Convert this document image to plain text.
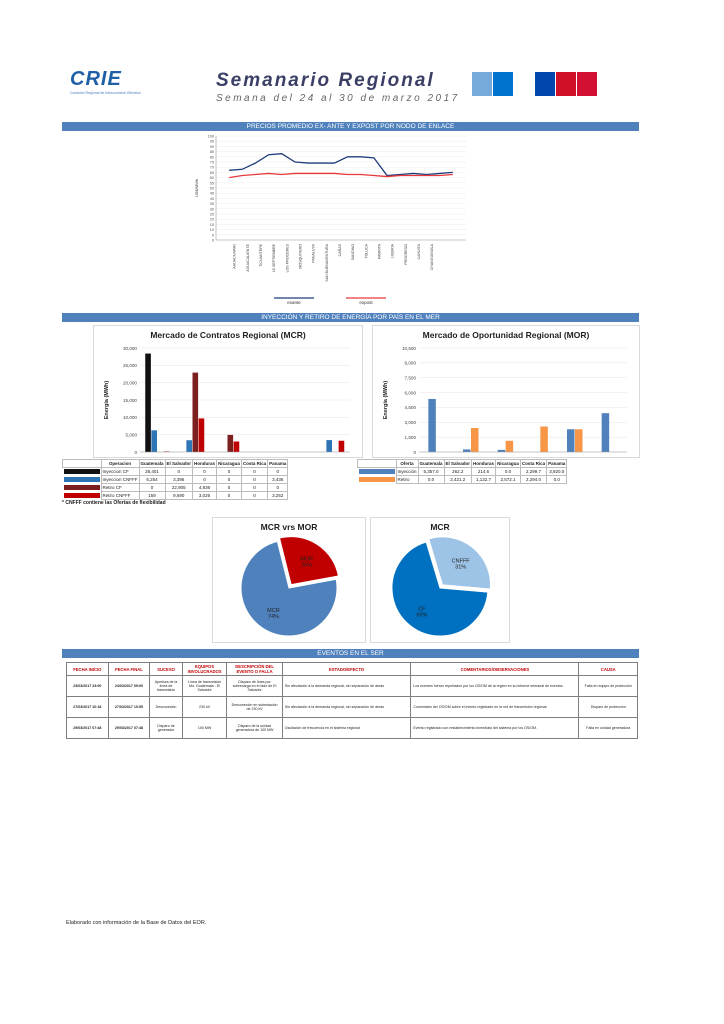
CRIE
Comisión Regional de Interconexión Eléctrica
Semanario Regional
Semana del 24 al 30 de marzo 2017
PRECIOS PROMEDIO EX- ANTE Y EXPOST POR NODO DE ENLACE
0
5
10
15
20
25
30
35
40
45
50
55
60
65
70
75
80
85
90
95
100
US$/MWh
AHUACHAPAN	AGUACALIENTE	TICUANTEPE	15 SEPTIEMBRE	LOS PROCERES	MOSQUITERO	PANALUYA	SAN BUENAVENTURA	CAÑAS	SANDINO	TOLUCA	PARRITA	LIBERIA	PROGRESO	CAHUITA	CHANGUINOLA
exante	expost
INYECCIÓN Y RETIRO DE ENERGÍA POR PAÍS EN EL MER
Mercado de Contratos Regional (MCR)
0
5,000
10,000
15,000
20,000
25,000
30,000
Energía (MWh)
Mercado de Oportunidad Regional (MOR)
0
1,500
3,000
4,500
6,000
7,500
9,000
10,500
Energía (MWh)
	Operacion	Guatemala	El Salvador	Honduras	Nicaragua	Costa Rica	Panama
	Inyeccion CF	28,401	0	0	0	0	0
	Inyeccion CNFFF	6,254	3,396	0	0	0	3,436
	Retiro CF	0	22,905	4,936	0	0	0
	Retiro CNFFF	159	9,690	3,026	0	0	3,252
* CNFFF contiene las Ofertas de flexibilidad
	Oferta	Guatemala	El Salvador	Honduras	Nicaragua	Costa Rica	Panama
	Inyección	5,357.0	262.2	214.6	0.0	2,299.7	3,920.0
	Retiro	0.0	2,421.2	1,132.7	2,572.1	2,294.0	0.0
MCR vrs MOR
MOR
26%
MCR
74%
MCR
CNFFF
31%
CF
69%
EVENTOS EN EL SER
FECHA INICIO	FECHA FINAL	SUCESO	EQUIPOS INVOLUCRADOS	DESCRIPCIÓN DEL EVENTO O FALLA	ESTADO/EFECTO	COMENTARIOS/OBSERVACIONES	CAUSA
23/03/2017 23:00	24/03/2017 09:00	Apertura de la línea de transmisión	Línea de transmisión Mo. Guatemala - El Salvador	Disparo de línea por sobrecarga en el lado de El Salvador	Sin afectación a la demanda regional, sin separación de áreas	Los eventos fueron reportados por los OS/OM de la región en su informe semanal de eventos.	Falla en equipo de protección
27/03/2017 10:18	27/03/2017 10:55	Desconexión	230 kV	Desconexión en subestación de 230 kV	Sin afectación a la demanda regional, sin separación de áreas	Comentario del OS/OM sobre el evento registrado en la red de transmisión regional.	Disparo de protección
29/03/2017 07:48	29/03/2017 07:48	Disparo de generador	100 MW	Disparo de la unidad generadora de 100 MW	Oscilación de frecuencia en el sistema regional	Evento registrado con restablecimiento inmediato del sistema por los OS/OM.	Falla en unidad generadora
Elaborado con información de la Base de Datos del EOR.
